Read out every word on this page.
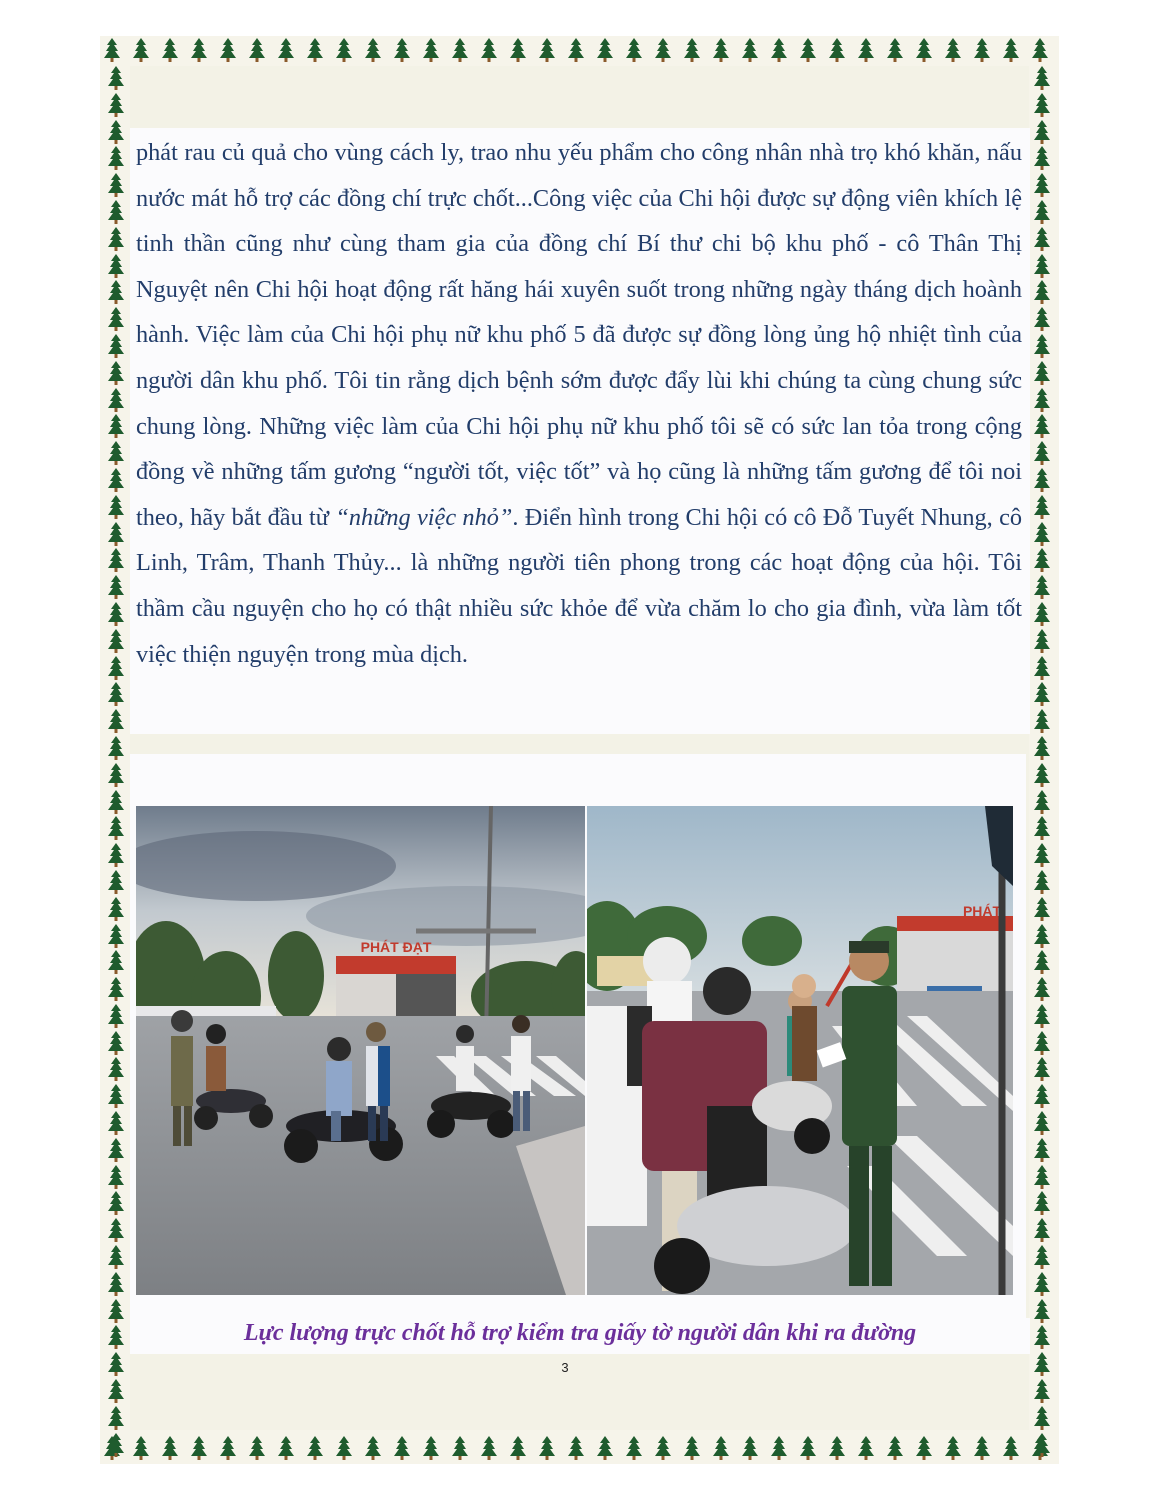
phát rau củ quả cho vùng cách ly, trao nhu yếu phẩm cho công nhân nhà trọ khó khăn, nấu nước mát hỗ trợ các đồng chí trực chốt...Công việc của Chi hội được sự động viên khích lệ tinh thần cũng như cùng tham gia của đồng chí Bí thư chi bộ khu phố - cô Thân Thị Nguyệt nên Chi hội hoạt động rất hăng hái xuyên suốt trong những ngày tháng dịch hoành hành. Việc làm của Chi hội phụ nữ khu phố 5 đã được sự đồng lòng ủng hộ nhiệt tình của người dân khu phố. Tôi tin rằng dịch bệnh sớm được đẩy lùi khi chúng ta cùng chung sức chung lòng. Những việc làm của Chi hội phụ nữ khu phố tôi sẽ có sức lan tỏa trong cộng đồng về những tấm gương “người tốt, việc tốt” và họ cũng là những tấm gương để tôi noi theo, hãy bắt đầu từ “những việc nhỏ”. Điển hình trong Chi hội có cô Đỗ Tuyết Nhung, cô Linh, Trâm, Thanh Thủy... là những người tiên phong trong các hoạt động của hội. Tôi thầm cầu nguyện cho họ có thật nhiều sức khỏe để vừa chăm lo cho gia đình, vừa làm tốt việc thiện nguyện trong mùa dịch.

PHÁT ĐẠT
PHÁT
Lực lượng trực chốt hỗ trợ kiểm tra giấy tờ người dân khi ra đường
3
